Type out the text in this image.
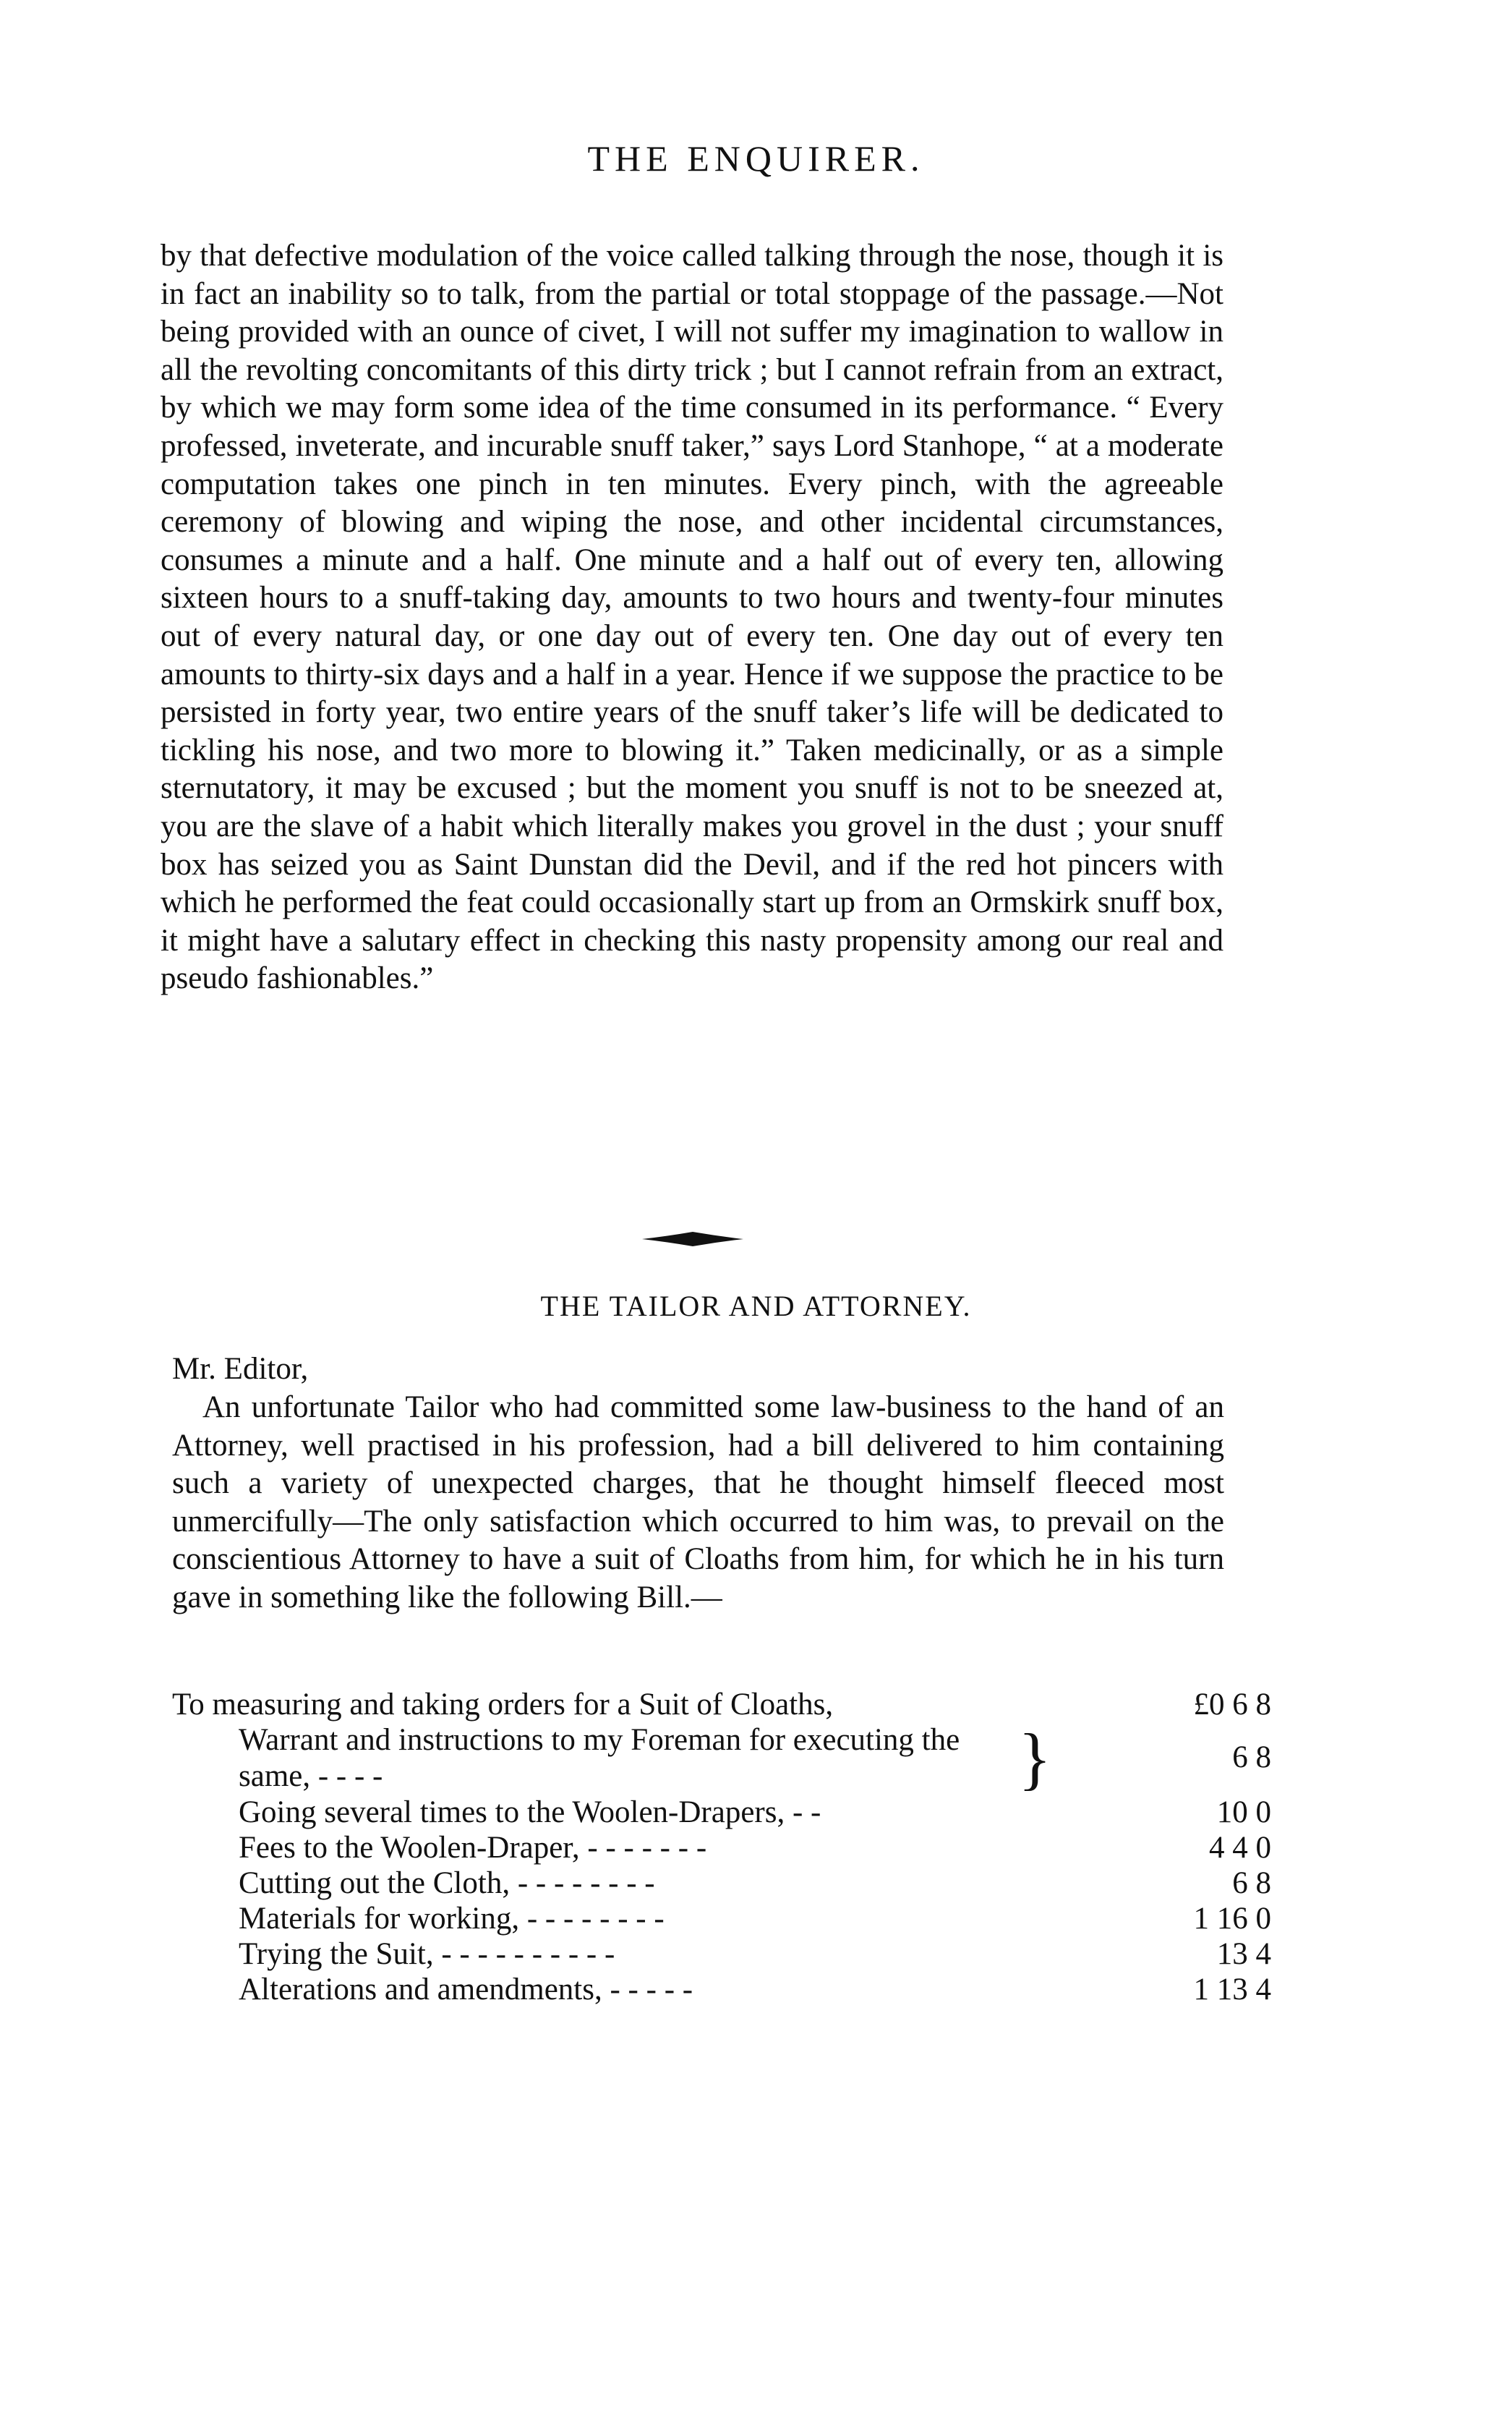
THE ENQUIRER.

by that defective modulation of the voice called talking through the nose, though it is in fact an inability so to talk, from the partial or total stoppage of the passage.—Not being provided with an ounce of civet, I will not suffer my imagination to wallow in all the revolting concomitants of this dirty trick ; but I cannot refrain from an extract, by which we may form some idea of the time consumed in its performance. “ Every professed, inveterate, and incurable snuff taker,” says Lord Stanhope, “ at a moderate computation takes one pinch in ten minutes. Every pinch, with the agreeable ceremony of blowing and wiping the nose, and other incidental circumstances, consumes a minute and a half. One minute and a half out of every ten, allowing sixteen hours to a snuff-taking day, amounts to two hours and twenty-four minutes out of every natural day, or one day out of every ten. One day out of every ten amounts to thirty-six days and a half in a year. Hence if we suppose the practice to be persisted in forty year, two entire years of the snuff taker’s life will be dedicated to tickling his nose, and two more to blowing it.” Taken medicinally, or as a simple sternutatory, it may be excused ; but the moment you snuff is not to be sneezed at, you are the slave of a habit which literally makes you grovel in the dust ; your snuff box has seized you as Saint Dunstan did the Devil, and if the red hot pincers with which he performed the feat could occasionally start up from an Ormskirk snuff box, it might have a salutary effect in checking this nasty propensity among our real and pseudo fashionables.”

THE TAILOR AND ATTORNEY.
Mr. Editor,

An unfortunate Tailor who had committed some law-business to the hand of an Attorney, well practised in his profession, had a bill delivered to him containing such a variety of unexpected charges, that he thought himself fleeced most unmercifully—The only satisfaction which occurred to him was, to prevail on the conscientious Attorney to have a suit of Cloaths from him, for which he in his turn gave in something like the following Bill.—

To measuring and taking orders for a Suit of Cloaths,	£0 6 8
Warrant and instructions to my Foreman for executing the same, - - - -	}	6 8
Going several times to the Woolen-Drapers, - -	10 0
Fees to the Woolen-Draper, - - - - - - -	4 4 0
Cutting out the Cloth, - - - - - - - -	6 8
Materials for working, - - - - - - - -	1 16 0
Trying the Suit, - - - - - - - - - -	13 4
Alterations and amendments, - - - - -	1 13 4
